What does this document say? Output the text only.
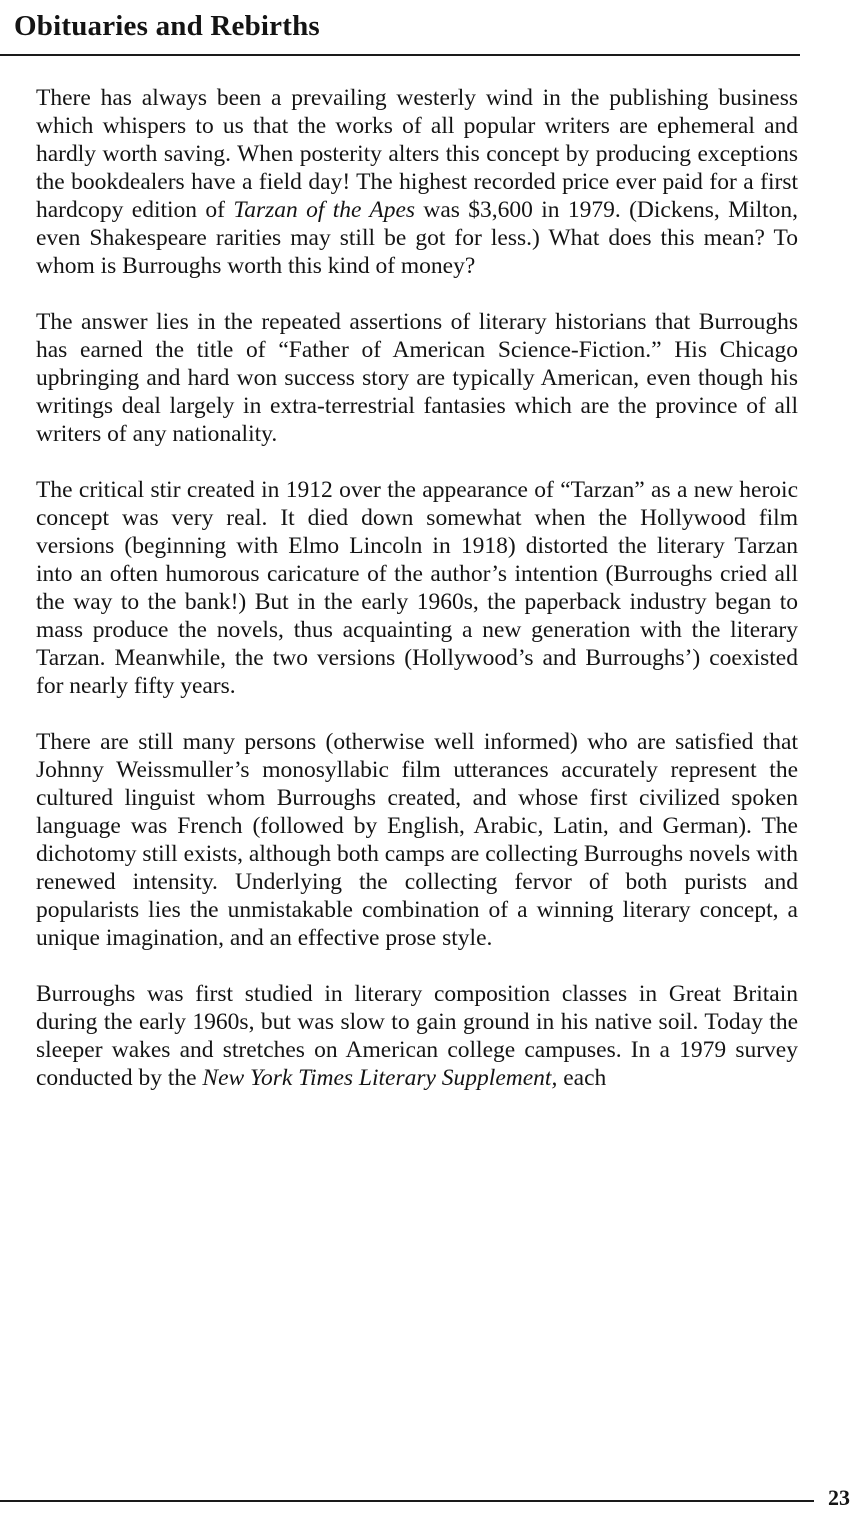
Obituaries and Rebirths

There has always been a prevailing westerly wind in the publishing business which whispers to us that the works of all popular writers are ephemeral and hardly worth saving. When posterity alters this concept by producing exceptions the bookdealers have a field day! The highest recorded price ever paid for a first hardcopy edition of Tarzan of the Apes was $3,600 in 1979. (Dickens, Milton, even Shakespeare rarities may still be got for less.) What does this mean? To whom is Burroughs worth this kind of money?

The answer lies in the repeated assertions of literary historians that Burroughs has earned the title of “Father of American Science-Fiction.” His Chicago upbringing and hard won success story are typically American, even though his writings deal largely in extra-terrestrial fantasies which are the province of all writers of any nationality.

The critical stir created in 1912 over the appearance of “Tarzan” as a new heroic concept was very real. It died down somewhat when the Hollywood film versions (beginning with Elmo Lincoln in 1918) distorted the literary Tarzan into an often humorous caricature of the author’s intention (Burroughs cried all the way to the bank!) But in the early 1960s, the paperback industry began to mass produce the novels, thus acquainting a new generation with the literary Tarzan. Meanwhile, the two versions (Hollywood’s and Burroughs’) coexisted for nearly fifty years.

There are still many persons (otherwise well informed) who are satisfied that Johnny Weissmuller’s monosyllabic film utterances accurately represent the cultured linguist whom Burroughs created, and whose first civilized spoken language was French (followed by English, Arabic, Latin, and German). The dichotomy still exists, although both camps are collecting Burroughs novels with renewed intensity. Underlying the collecting fervor of both purists and popularists lies the unmistakable combination of a winning literary concept, a unique imagination, and an effective prose style.

Burroughs was first studied in literary composition classes in Great Britain during the early 1960s, but was slow to gain ground in his native soil. Today the sleeper wakes and stretches on American college campuses. In a 1979 survey conducted by the New York Times Literary Supplement, each

23
